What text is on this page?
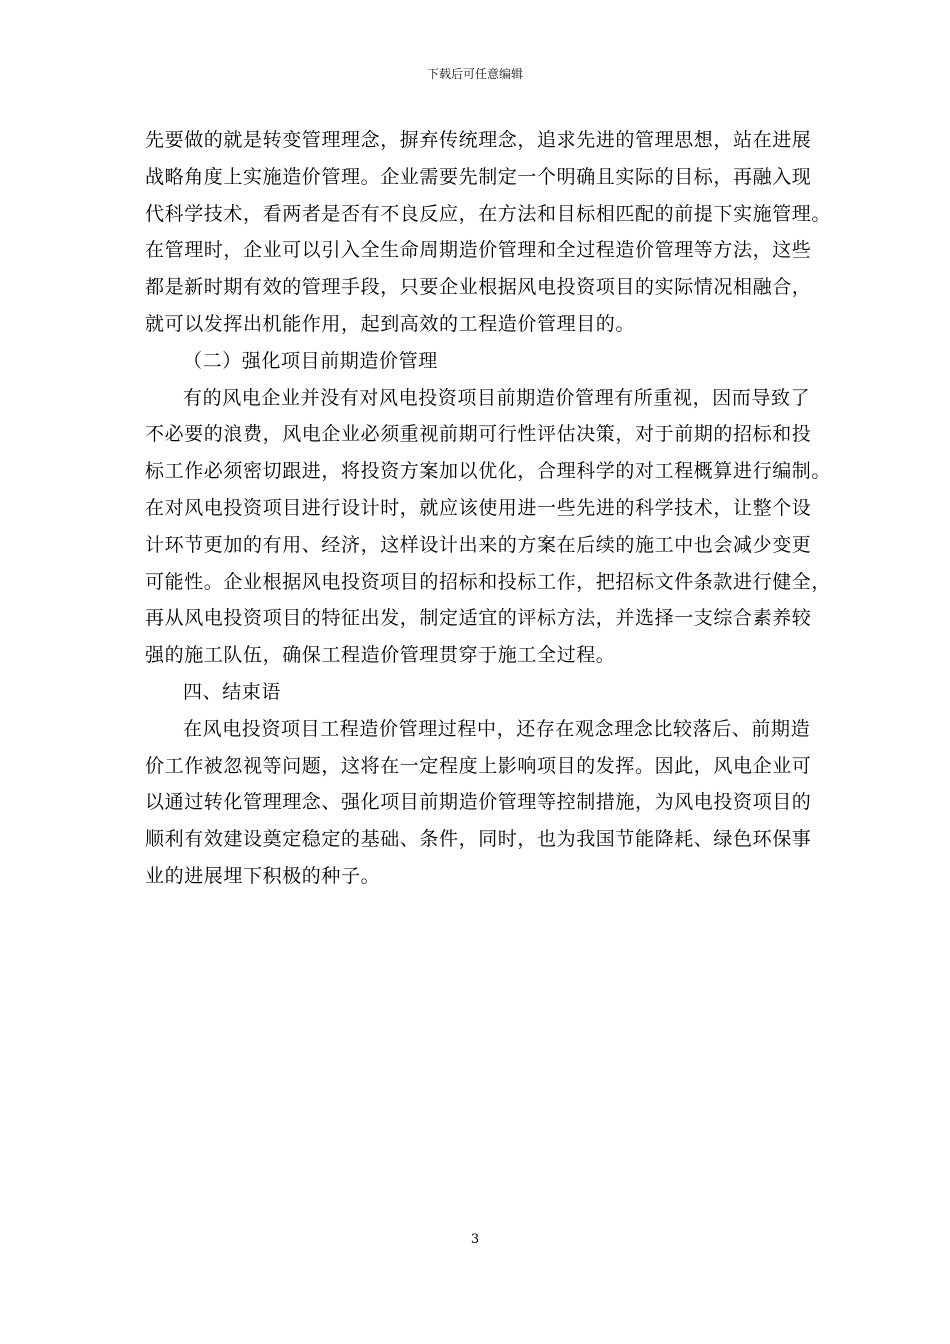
下载后可任意编辑
先要做的就是转变管理理念，摒弃传统理念，追求先进的管理思想，站在进展
战略角度上实施造价管理。企业需要先制定一个明确且实际的目标，再融入现
代科学技术，看两者是否有不良反应，在方法和目标相匹配的前提下实施管理。
在管理时，企业可以引入全生命周期造价管理和全过程造价管理等方法，这些
都是新时期有效的管理手段，只要企业根据风电投资项目的实际情况相融合，
就可以发挥出机能作用，起到高效的工程造价管理目的。
（二）强化项目前期造价管理
有的风电企业并没有对风电投资项目前期造价管理有所重视，因而导致了
不必要的浪费，风电企业必须重视前期可行性评估决策，对于前期的招标和投
标工作必须密切跟进，将投资方案加以优化，合理科学的对工程概算进行编制。
在对风电投资项目进行设计时，就应该使用进一些先进的科学技术，让整个设
计环节更加的有用、经济，这样设计出来的方案在后续的施工中也会减少变更
可能性。企业根据风电投资项目的招标和投标工作，把招标文件条款进行健全，
再从风电投资项目的特征出发，制定适宜的评标方法，并选择一支综合素养较
强的施工队伍，确保工程造价管理贯穿于施工全过程。
四、结束语
在风电投资项目工程造价管理过程中，还存在观念理念比较落后、前期造
价工作被忽视等问题，这将在一定程度上影响项目的发挥。因此，风电企业可
以通过转化管理理念、强化项目前期造价管理等控制措施，为风电投资项目的
顺利有效建设奠定稳定的基础、条件，同时，也为我国节能降耗、绿色环保事
业的进展埋下积极的种子。
3
